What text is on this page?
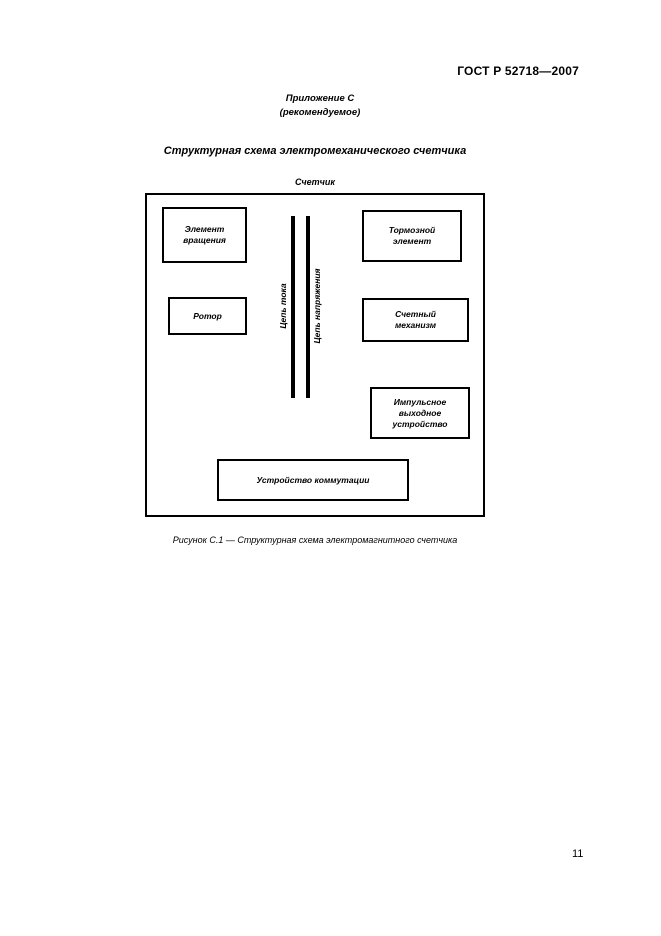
ГОСТ Р 52718—2007
Приложение С
(рекомендуемое)
Структурная схема электромеханического счетчика
Счетчик
Элемент вращения
Ротор	Цепь тока	Цепь напряжения
Тормозной элемент
Счетный механизм
Импульсное выходное устройство
Устройство коммутации
Рисунок С.1 — Структурная схема электромагнитного счетчика
11
